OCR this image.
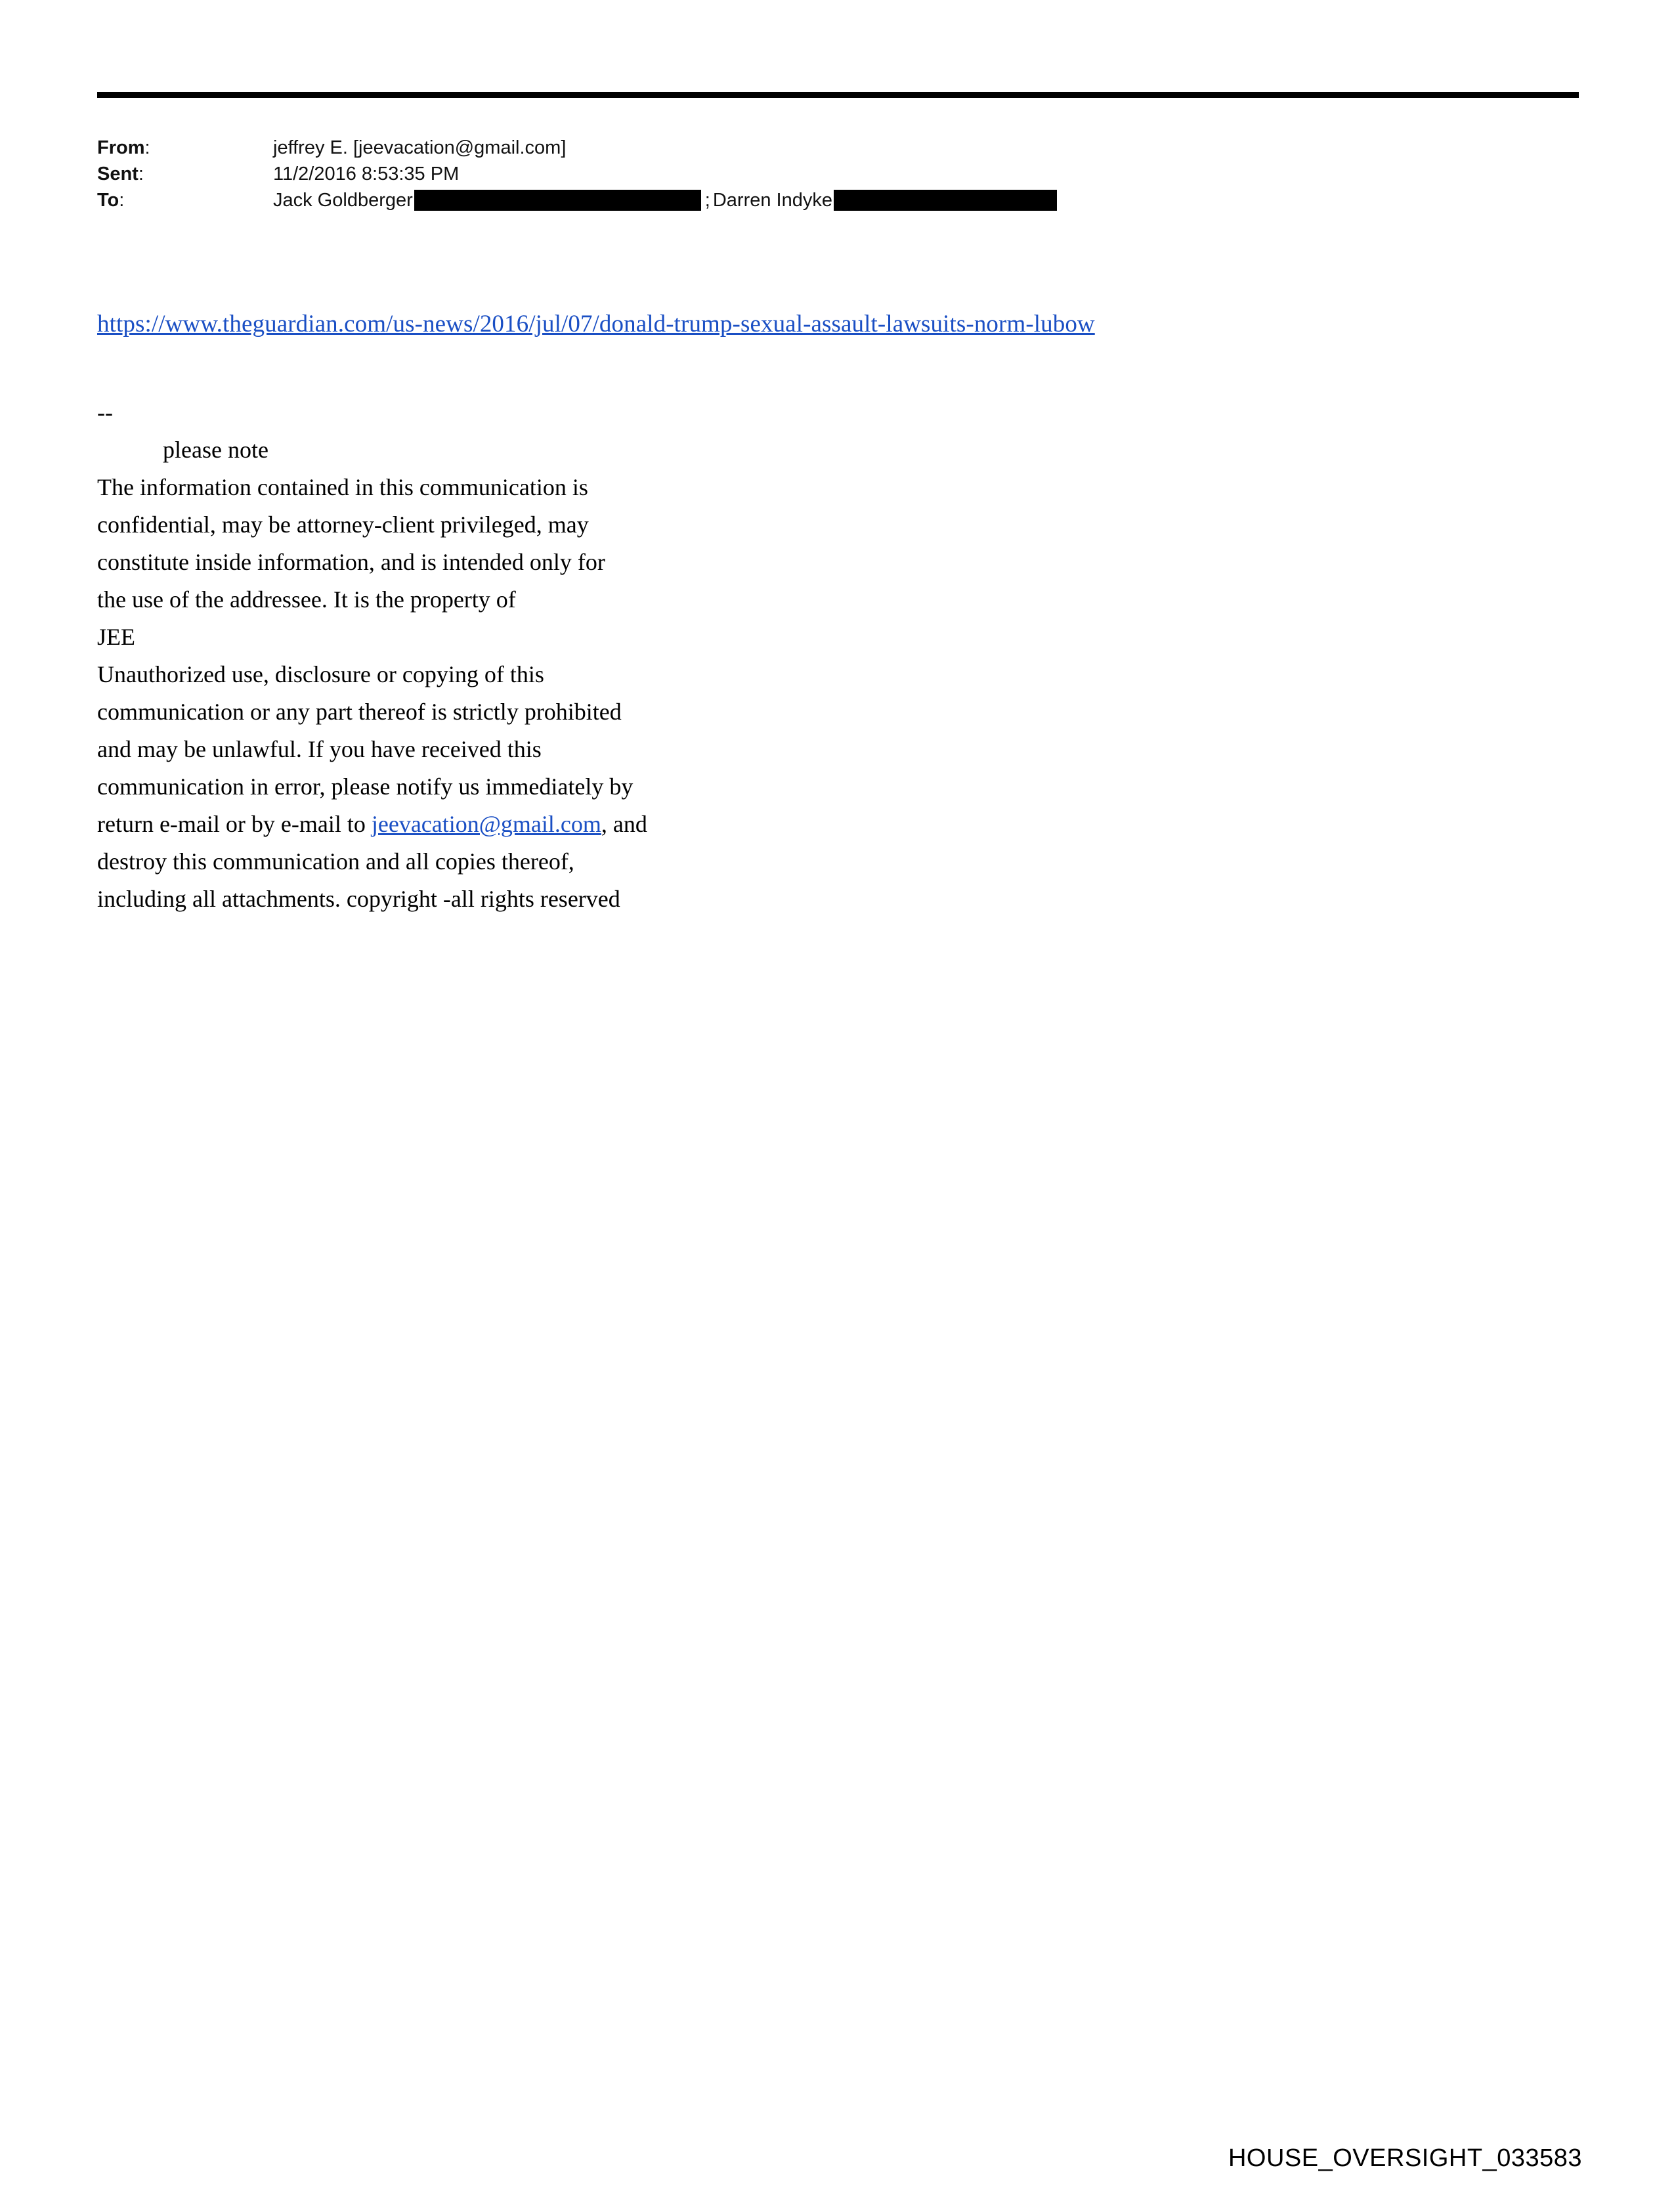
From:	jeffrey E. [jeevacation@gmail.com]
Sent:	11/2/2016 8:53:35 PM
To:	Jack Goldberger	; Darren Indyke
https://www.theguardian.com/us-news/2016/jul/07/donald-trump-sexual-assault-lawsuits-norm-lubow
--
please note
The information contained in this communication is
confidential, may be attorney-client privileged, may
constitute inside information, and is intended only for
the use of the addressee. It is the property of
JEE
Unauthorized use, disclosure or copying of this
communication or any part thereof is strictly prohibited
and may be unlawful. If you have received this
communication in error, please notify us immediately by
return e-mail or by e-mail to jeevacation@gmail.com, and
destroy this communication and all copies thereof,
including all attachments. copyright -all rights reserved
HOUSE_OVERSIGHT_033583
